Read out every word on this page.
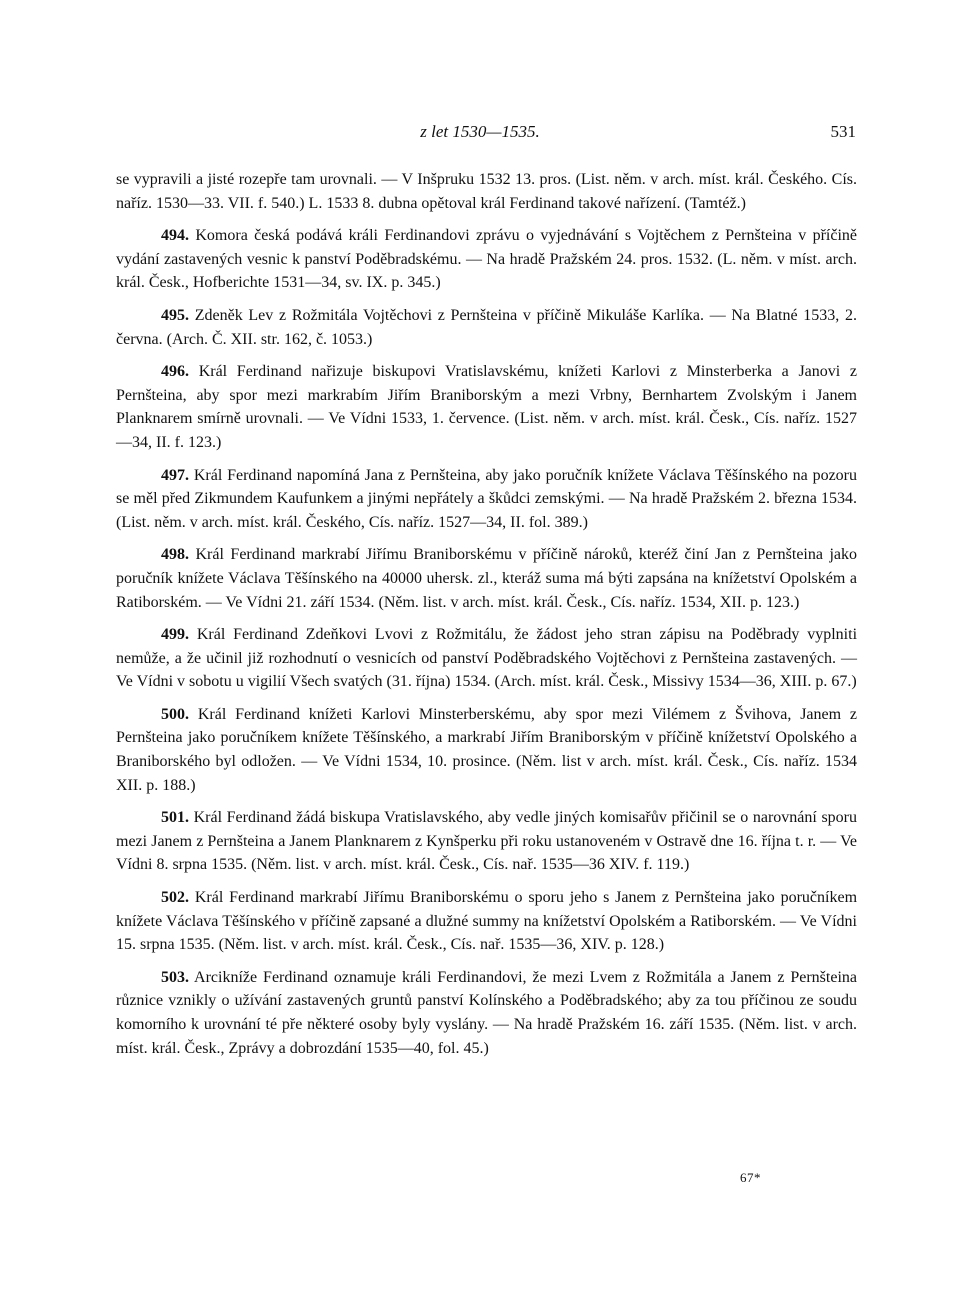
z let 1530—1535.	531

se vypravili a jisté rozepře tam urovnali. — V Inšpruku 1532 13. pros. (List. něm. v arch. míst. král. Českého. Cís. naříz. 1530—33. VII. f. 540.) L. 1533 8. dubna opětoval král Ferdinand takové nařízení. (Tamtéž.)

494. Komora česká podává králi Ferdinandovi zprávu o vyjednávání s Vojtěchem z Pernšteina v příčině vydání zastavených vesnic k panství Poděbradskému. — Na hradě Pražském 24. pros. 1532. (L. něm. v míst. arch. král. Česk., Hofberichte 1531—34, sv. IX. p. 345.)

495. Zdeněk Lev z Rožmitála Vojtěchovi z Pernšteina v příčině Mikuláše Karlíka. — Na Blatné 1533, 2. června. (Arch. Č. XII. str. 162, č. 1053.)

496. Král Ferdinand nařizuje biskupovi Vratislavskému, knížeti Karlovi z Minsterberka a Janovi z Pernšteina, aby spor mezi markrabím Jiřím Braniborským a mezi Vrbny, Bernhartem Zvolským i Janem Planknarem smírně urovnali. — Ve Vídni 1533, 1. července. (List. něm. v arch. míst. král. Česk., Cís. naříz. 1527—34, II. f. 123.)

497. Král Ferdinand napomíná Jana z Pernšteina, aby jako poručník knížete Václava Těšínského na pozoru se měl před Zikmundem Kaufunkem a jinými nepřátely a škůdci zemskými. — Na hradě Pražském 2. března 1534. (List. něm. v arch. míst. král. Českého, Cís. naříz. 1527—34, II. fol. 389.)

498. Král Ferdinand markrabí Jiřímu Braniborskému v příčině nároků, kteréž činí Jan z Pernšteina jako poručník knížete Václava Těšínského na 40000 uhersk. zl., kteráž suma má býti zapsána na knížetství Opolském a Ratiborském. — Ve Vídni 21. září 1534. (Něm. list. v arch. míst. král. Česk., Cís. naříz. 1534, XII. p. 123.)

499. Král Ferdinand Zdeňkovi Lvovi z Rožmitálu, že žádost jeho stran zápisu na Poděbrady vyplniti nemůže, a že učinil již rozhodnutí o vesnicích od panství Poděbradského Vojtěchovi z Pernšteina zastavených. — Ve Vídni v sobotu u vigilií Všech svatých (31. října) 1534. (Arch. míst. král. Česk., Missivy 1534—36, XIII. p. 67.)

500. Král Ferdinand knížeti Karlovi Minsterberskému, aby spor mezi Vilémem z Švihova, Janem z Pernšteina jako poručníkem knížete Těšínského, a markrabí Jiřím Braniborským v příčině knížetství Opolského a Braniborského byl odložen. — Ve Vídni 1534, 10. prosince. (Něm. list v arch. míst. král. Česk., Cís. naříz. 1534 XII. p. 188.)

501. Král Ferdinand žádá biskupa Vratislavského, aby vedle jiných komisařův přičinil se o narovnání sporu mezi Janem z Pernšteina a Janem Planknarem z Kynšperku při roku ustanoveném v Ostravě dne 16. října t. r. — Ve Vídni 8. srpna 1535. (Něm. list. v arch. míst. král. Česk., Cís. nař. 1535—36 XIV. f. 119.)

502. Král Ferdinand markrabí Jiřímu Braniborskému o sporu jeho s Janem z Pernšteina jako poručníkem knížete Václava Těšínského v příčině zapsané a dlužné summy na knížetství Opolském a Ratiborském. — Ve Vídni 15. srpna 1535. (Něm. list. v arch. míst. král. Česk., Cís. nař. 1535—36, XIV. p. 128.)

503. Arcikníže Ferdinand oznamuje králi Ferdinandovi, že mezi Lvem z Rožmitála a Janem z Pernšteina různice vznikly o užívání zastavených gruntů panství Kolínského a Poděbradského; aby za tou příčinou ze soudu komorního k urovnání té pře některé osoby byly vyslány. — Na hradě Pražském 16. září 1535. (Něm. list. v arch. míst. král. Česk., Zprávy a dobrozdání 1535—40, fol. 45.)

67*
